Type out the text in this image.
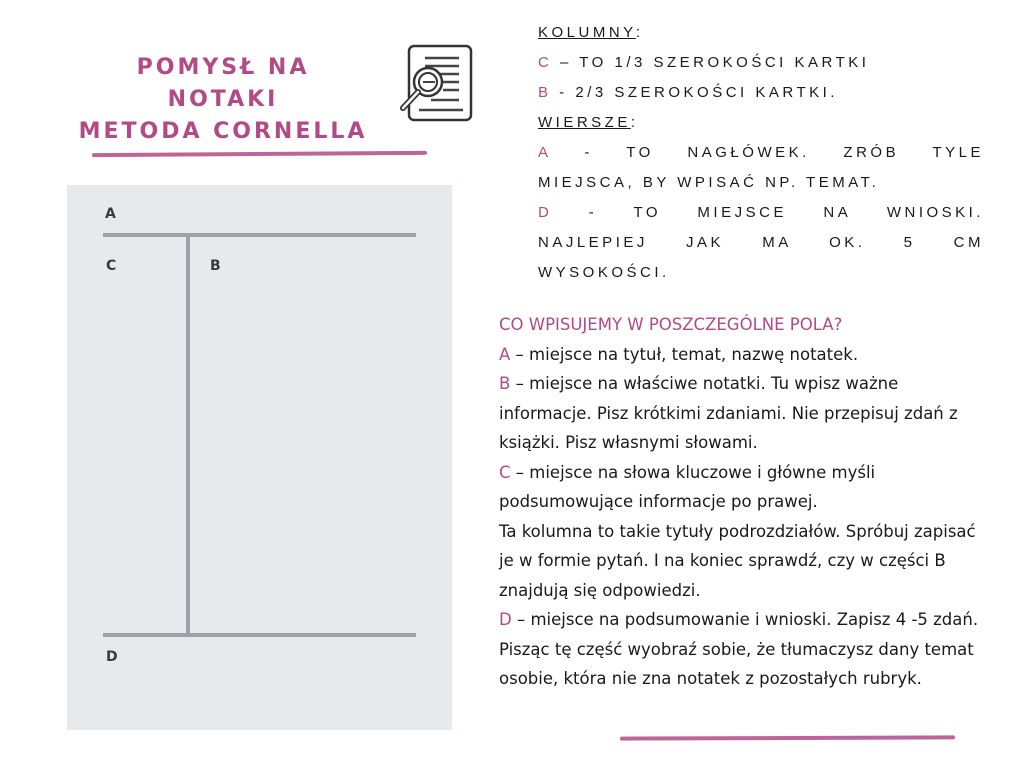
POMYSŁ NA NOTAKI
METODA CORNELLA
A
C	B
D
KOLUMNY:
C – TO 1/3 SZEROKOŚCI KARTKI
B - 2/3 SZEROKOŚCI KARTKI.
WIERSZE:
A - TO NAGŁÓWEK. ZRÓB TYLE
MIEJSCA, BY WPISAĆ NP. TEMAT.
D - TO MIEJSCE NA WNIOSKI.
NAJLEPIEJ JAK MA OK. 5 CM
WYSOKOŚCI.
CO WPISUJEMY W POSZCZEGÓLNE POLA?
A – miejsce na tytuł, temat, nazwę notatek.
B – miejsce na właściwe notatki. Tu wpisz ważne informacje. Pisz krótkimi zdaniami. Nie przepisuj zdań z książki. Pisz własnymi słowami.
C – miejsce na słowa kluczowe i główne myśli podsumowujące informacje po prawej.
Ta kolumna to takie tytuły podrozdziałów. Spróbuj zapisać je w formie pytań. I na koniec sprawdź, czy w części B znajdują się odpowiedzi.
D – miejsce na podsumowanie i wnioski. Zapisz 4 -5 zdań. Pisząc tę część wyobraź sobie, że tłumaczysz dany temat osobie, która nie zna notatek z pozostałych rubryk.
